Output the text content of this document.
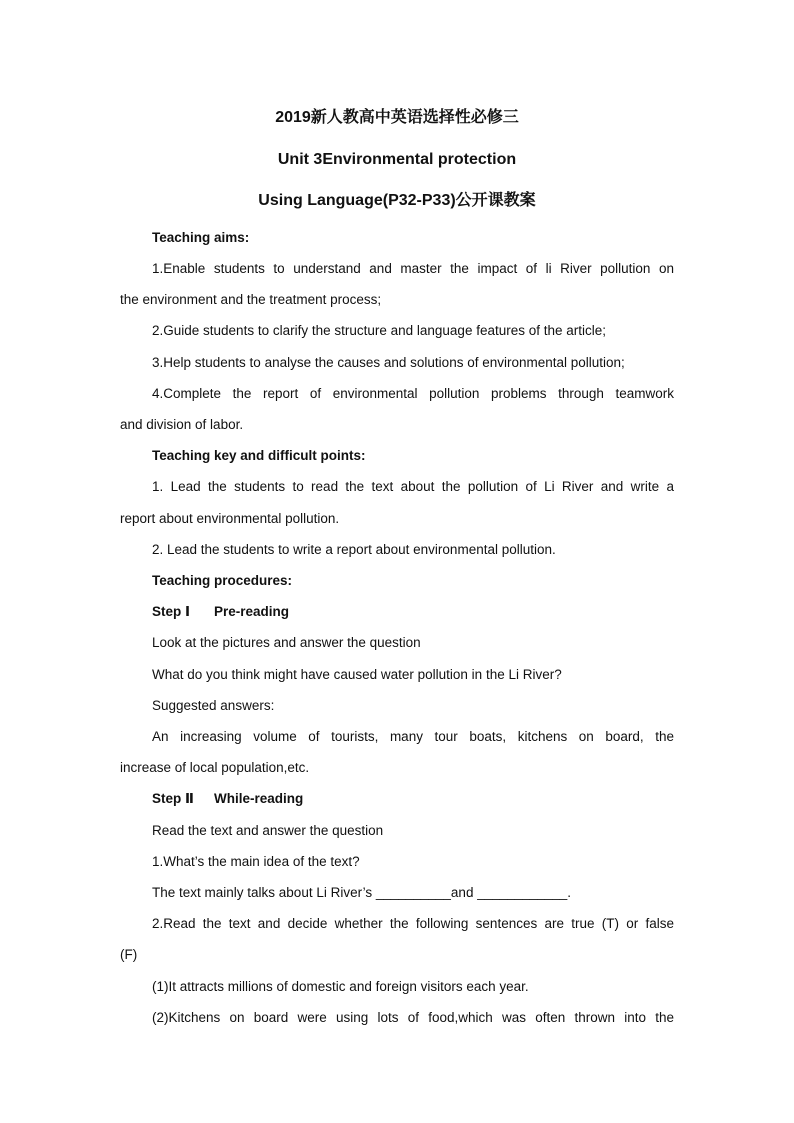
2019新人教高中英语选择性必修三
Unit 3Environmental protection
Using Language(P32-P33)公开课教案
Teaching aims:
1.Enable students to understand and master the impact of li River pollution on
the environment and the treatment process;
2.Guide students to clarify the structure and language features of the article;
3.Help students to analyse the causes and solutions of environmental pollution;
4.Complete the report of environmental pollution problems through teamwork
and division of labor.
Teaching key and difficult points:
1. Lead the students to read the text about the pollution of Li River and write a
report about environmental pollution.
2. Lead the students to write a report about environmental pollution.
Teaching procedures:
Step Ⅰ Pre-reading
Look at the pictures and answer the question
What do you think might have caused water pollution in the Li River?
Suggested answers:
An increasing volume of tourists, many tour boats, kitchens on board, the
increase of local population,etc.
Step Ⅱ While-reading
Read the text and answer the question
1.What’s the main idea of the text?
The text mainly talks about Li River’s __________and ____________.
2.Read the text and decide whether the following sentences are true (T) or false
(F)
(1)It attracts millions of domestic and foreign visitors each year.
(2)Kitchens on board were using lots of food,which was often thrown into the
